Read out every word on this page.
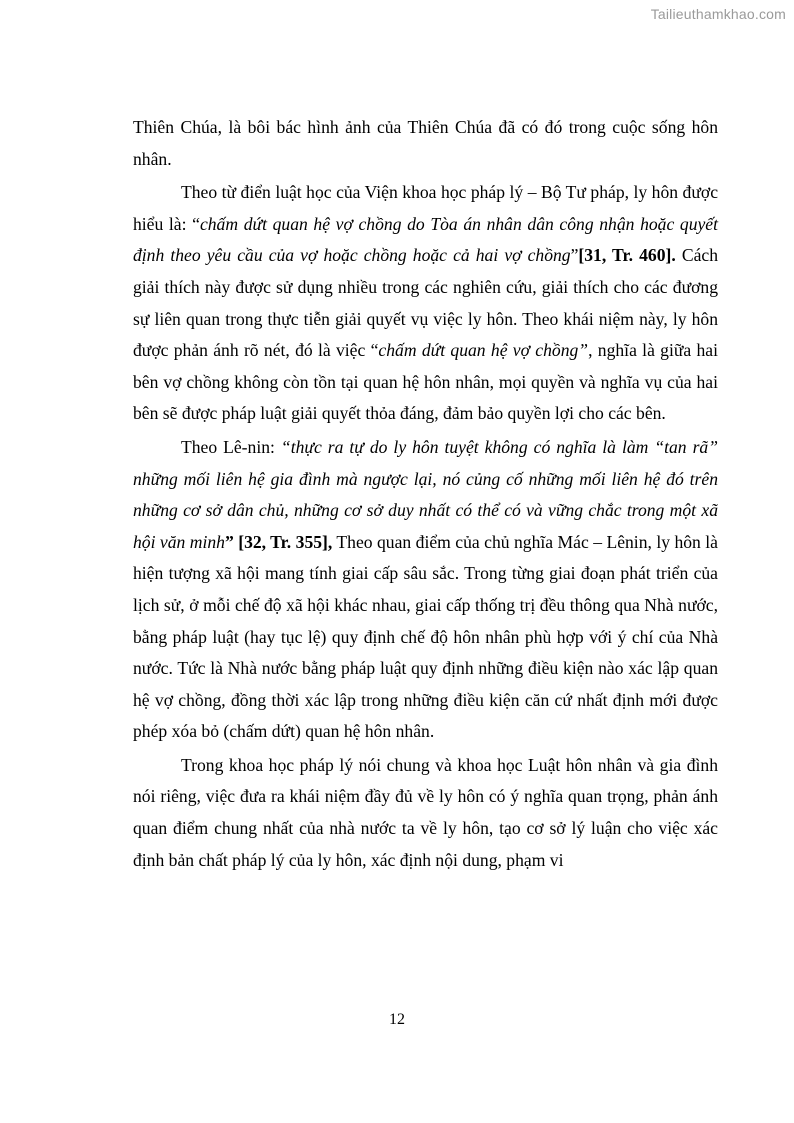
Tailieuthamkhao.com

Thiên Chúa, là bôi bác hình ảnh của Thiên Chúa đã có đó trong cuộc sống hôn nhân.

Theo từ điển luật học của Viện khoa học pháp lý – Bộ Tư pháp, ly hôn được hiểu là: “chấm dứt quan hệ vợ chồng do Tòa án nhân dân công nhận hoặc quyết định theo yêu cầu của vợ hoặc chồng hoặc cả hai vợ chồng”[31, Tr. 460]. Cách giải thích này được sử dụng nhiều trong các nghiên cứu, giải thích cho các đương sự liên quan trong thực tiễn giải quyết vụ việc ly hôn. Theo khái niệm này, ly hôn được phản ánh rõ nét, đó là việc “chấm dứt quan hệ vợ chồng”, nghĩa là giữa hai bên vợ chồng không còn tồn tại quan hệ hôn nhân, mọi quyền và nghĩa vụ của hai bên sẽ được pháp luật giải quyết thỏa đáng, đảm bảo quyền lợi cho các bên.

Theo Lê-nin: “thực ra tự do ly hôn tuyệt không có nghĩa là làm “tan rã” những mối liên hệ gia đình mà ngược lại, nó củng cố những mối liên hệ đó trên những cơ sở dân chủ, những cơ sở duy nhất có thể có và vững chắc trong một xã hội văn minh” [32, Tr. 355], Theo quan điểm của chủ nghĩa Mác – Lênin, ly hôn là hiện tượng xã hội mang tính giai cấp sâu sắc. Trong từng giai đoạn phát triển của lịch sử, ở mỗi chế độ xã hội khác nhau, giai cấp thống trị đều thông qua Nhà nước, bằng pháp luật (hay tục lệ) quy định chế độ hôn nhân phù hợp với ý chí của Nhà nước. Tức là Nhà nước bằng pháp luật quy định những điều kiện nào xác lập quan hệ vợ chồng, đồng thời xác lập trong những điều kiện căn cứ nhất định mới được phép xóa bỏ (chấm dứt) quan hệ hôn nhân.

Trong khoa học pháp lý nói chung và khoa học Luật hôn nhân và gia đình nói riêng, việc đưa ra khái niệm đầy đủ về ly hôn có ý nghĩa quan trọng, phản ánh quan điểm chung nhất của nhà nước ta về ly hôn, tạo cơ sở lý luận cho việc xác định bản chất pháp lý của ly hôn, xác định nội dung, phạm vi

12
